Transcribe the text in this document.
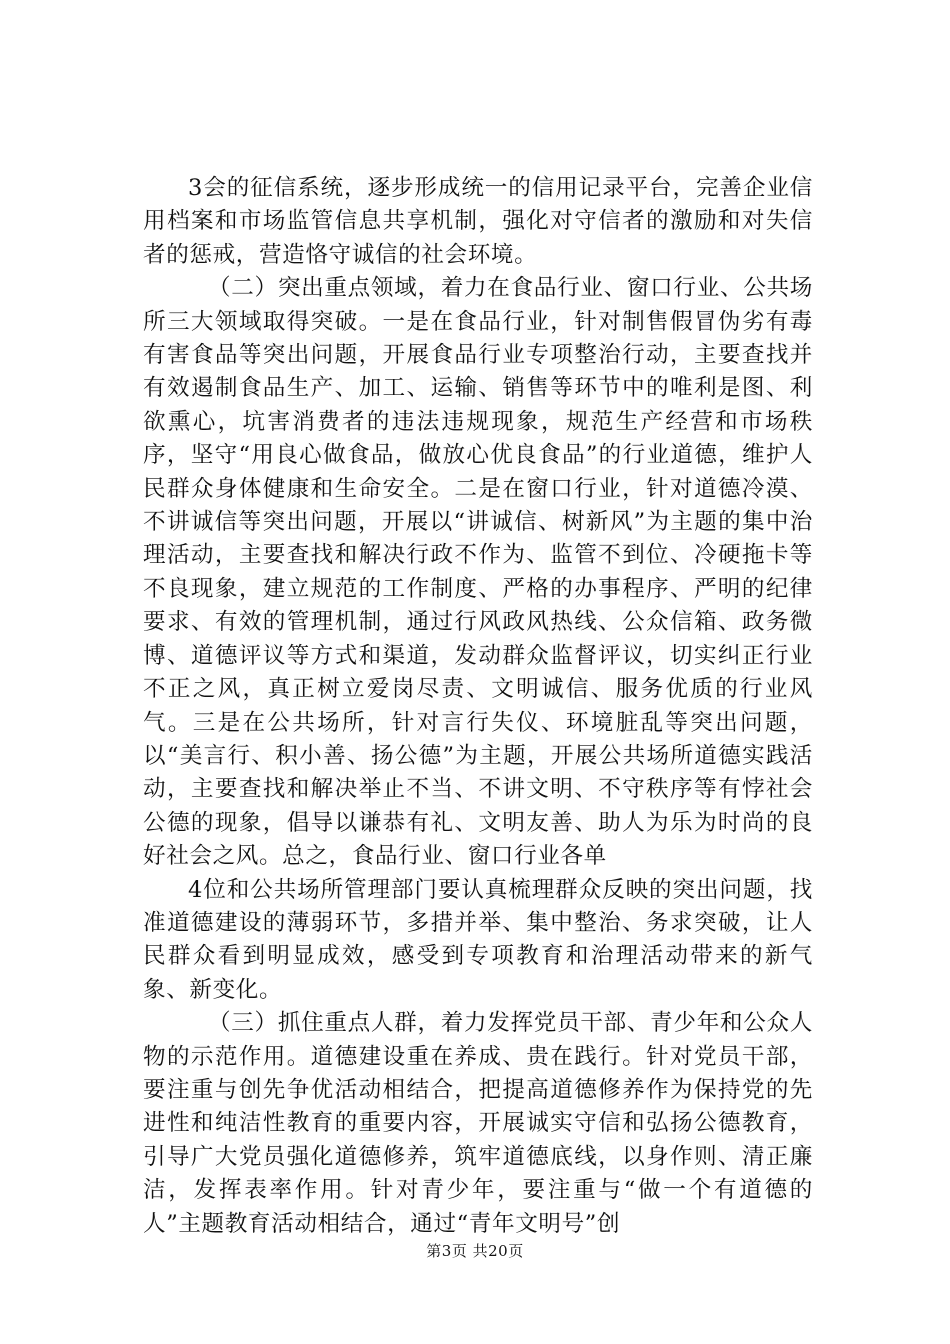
3会的征信系统，逐步形成统一的信用记录平台，完善企业信用档案和市场监管信息共享机制，强化对守信者的激励和对失信者的惩戒，营造恪守诚信的社会环境。

（二）突出重点领域，着力在食品行业、窗口行业、公共场所三大领域取得突破。一是在食品行业，针对制售假冒伪劣有毒有害食品等突出问题，开展食品行业专项整治行动，主要查找并有效遏制食品生产、加工、运输、销售等环节中的唯利是图、利欲熏心，坑害消费者的违法违规现象，规范生产经营和市场秩序，坚守“用良心做食品，做放心优良食品”的行业道德，维护人民群众身体健康和生命安全。二是在窗口行业，针对道德冷漠、不讲诚信等突出问题，开展以“讲诚信、树新风”为主题的集中治理活动，主要查找和解决行政不作为、监管不到位、冷硬拖卡等不良现象，建立规范的工作制度、严格的办事程序、严明的纪律要求、有效的管理机制，通过行风政风热线、公众信箱、政务微博、道德评议等方式和渠道，发动群众监督评议，切实纠正行业不正之风，真正树立爱岗尽责、文明诚信、服务优质的行业风气。三是在公共场所，针对言行失仪、环境脏乱等突出问题，以“美言行、积小善、扬公德”为主题，开展公共场所道德实践活动，主要查找和解决举止不当、不讲文明、不守秩序等有悖社会公德的现象，倡导以谦恭有礼、文明友善、助人为乐为时尚的良好社会之风。总之，食品行业、窗口行业各单

4位和公共场所管理部门要认真梳理群众反映的突出问题，找准道德建设的薄弱环节，多措并举、集中整治、务求突破，让人民群众看到明显成效，感受到专项教育和治理活动带来的新气象、新变化。

（三）抓住重点人群，着力发挥党员干部、青少年和公众人物的示范作用。道德建设重在养成、贵在践行。针对党员干部，要注重与创先争优活动相结合，把提高道德修养作为保持党的先进性和纯洁性教育的重要内容，开展诚实守信和弘扬公德教育，引导广大党员强化道德修养，筑牢道德底线，以身作则、清正廉洁，发挥表率作用。针对青少年，要注重与“做一个有道德的人”主题教育活动相结合，通过“青年文明号”创

第3页 共20页
